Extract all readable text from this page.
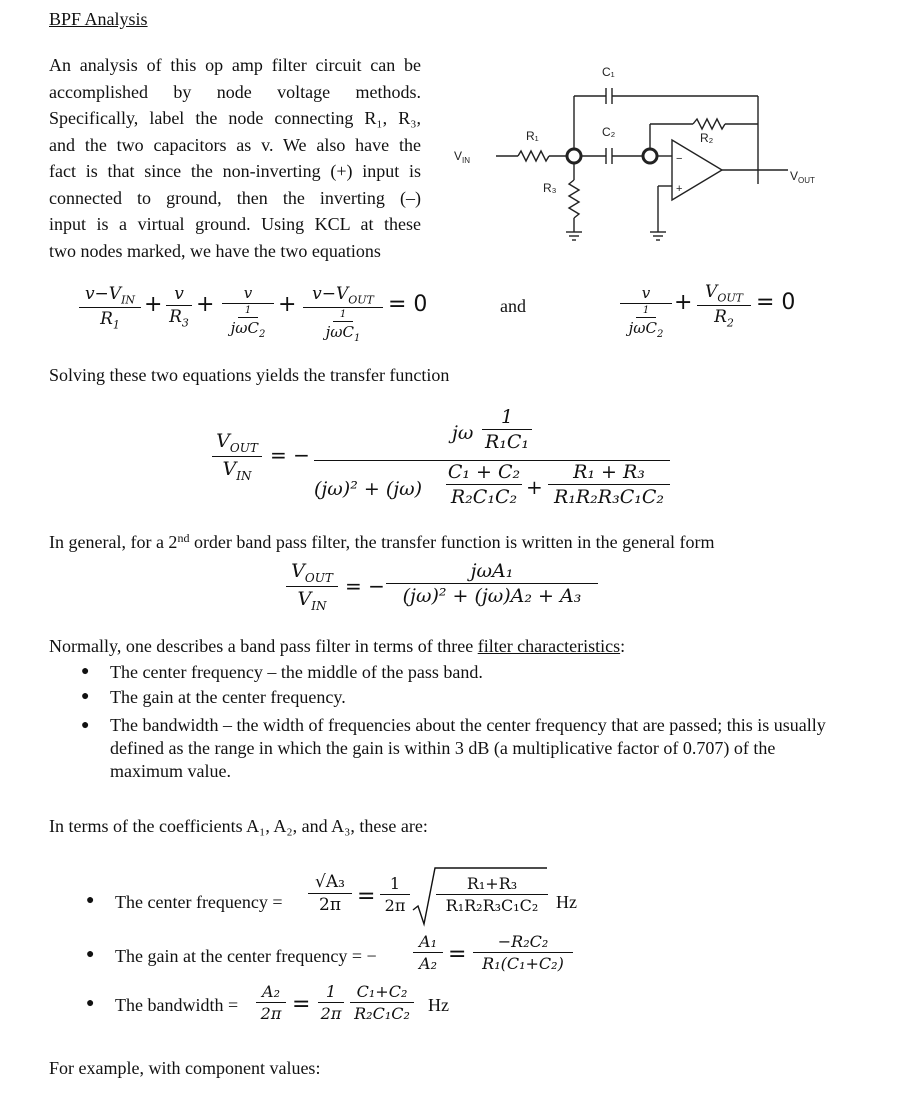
BPF Analysis
An analysis of this op amp filter circuit can be
accomplished by node voltage methods.
Specifically, label the node connecting R₁, R₃,
and the two capacitors as v. We also have the
fact is that since the non-inverting (+) input is
connected to ground, then the inverting (–)
input is a virtual ground. Using KCL at these
two nodes marked, we have the two equations
$V_{IN}$
R₁
R₃
C₁
C₂	R₂
−
+
$V_{OUT}$
$v-V_{IN}$
$R_1$
+ v
$R_3$
+	v
1
jωC$_2$
+ $v-V_{OUT}$
1
jωC$_1$
= 0	and
v
1
jωC$_2$
+ $V_{OUT}$
$R_2$
= 0
Solving these two equations yields the transfer function
$V_{OUT}$
$V_{IN}$
= −
jω
1
R₁C₁
(jω)² + (jω)
C₁ + C₂
R₂C₁C₂ +
R₁ + R₃
R₁R₂R₃C₁C₂
In general, for a 2nd order band pass filter, the transfer function is written in the general form
$V_{OUT}$
$V_{IN}$
= −
jωA₁
(jω)² + (jω)A₂ + A₃
Normally, one describes a band pass filter in terms of three filter characteristics:
● The center frequency – the middle of the pass band.
● The gain at the center frequency.
● The bandwidth – the width of frequencies about the center frequency that are passed; this is usually defined as the range in which the gain is within 3 dB (a multiplicative factor of 0.707) of the maximum value.
In terms of the coefficients A₁, A₂, and A₃, these are:
● The center frequency =
√A₃
2π =
1
2π
R₁+R₃
R₁R₂R₃C₁C₂ Hz
● The gain at the center frequency = −
A₁
A₂ =
−R₂C₂
R₁(C₁+C₂)
● The bandwidth =
A₂
2π =
1
2π
C₁+C₂
R₂C₁C₂ Hz
For example, with component values:
